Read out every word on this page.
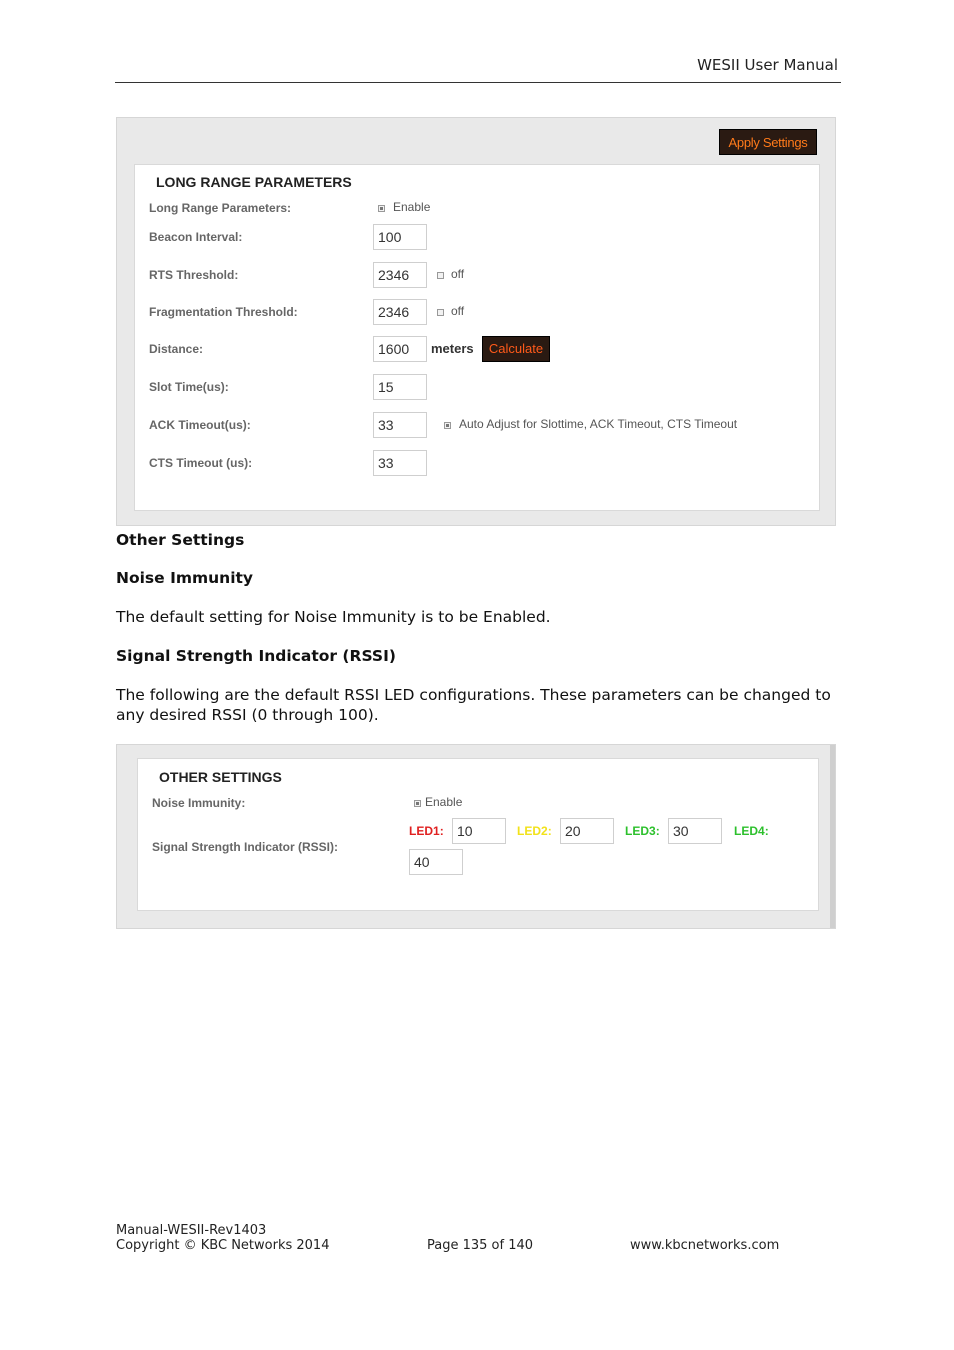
WESII User Manual
Apply Settings
LONG RANGE PARAMETERS
Long Range Parameters:	Enable
Beacon Interval:	100
RTS Threshold:	2346	off
Fragmentation Threshold:	2346	off
Distance:	1600	meters	Calculate
Slot Time(us):	15
ACK Timeout(us):	33	Auto Adjust for Slottime, ACK Timeout, CTS Timeout
CTS Timeout (us):	33
Other Settings
Noise Immunity
The default setting for Noise Immunity is to be Enabled.
Signal Strength Indicator (RSSI)
The following are the default RSSI LED configurations. These parameters can be changed to any desired RSSI (0 through 100).
OTHER SETTINGS
Noise Immunity:	Enable
Signal Strength Indicator (RSSI):
LED1: 10	LED2: 20	LED3: 30	LED4:
40
Manual-WESII-Rev1403
Copyright © KBC Networks 2014	Page 135 of 140	www.kbcnetworks.com
